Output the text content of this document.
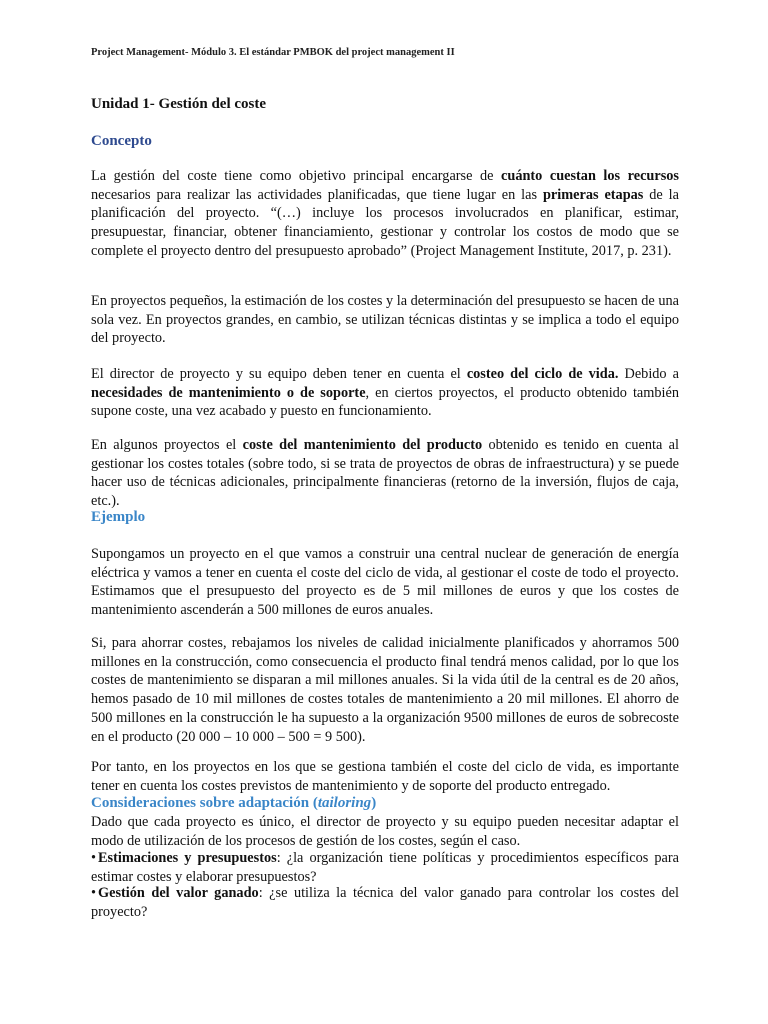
Project Management- Módulo 3. El estándar PMBOK del project management II
Unidad 1- Gestión del coste
Concepto

La gestión del coste tiene como objetivo principal encargarse de cuánto cuestan los recursos necesarios para realizar las actividades planificadas, que tiene lugar en las primeras etapas de la planificación del proyecto. “(…) incluye los procesos involucrados en planificar, estimar, presupuestar, financiar, obtener financiamiento, gestionar y controlar los costos de modo que se complete el proyecto dentro del presupuesto aprobado” (Project Management Institute, 2017, p. 231).

En proyectos pequeños, la estimación de los costes y la determinación del presupuesto se hacen de una sola vez. En proyectos grandes, en cambio, se utilizan técnicas distintas y se implica a todo el equipo del proyecto.

El director de proyecto y su equipo deben tener en cuenta el costeo del ciclo de vida. Debido a necesidades de mantenimiento o de soporte, en ciertos proyectos, el producto obtenido también supone coste, una vez acabado y puesto en funcionamiento.

En algunos proyectos el coste del mantenimiento del producto obtenido es tenido en cuenta al gestionar los costes totales (sobre todo, si se trata de proyectos de obras de infraestructura) y se puede hacer uso de técnicas adicionales, principalmente financieras (retorno de la inversión, flujos de caja, etc.).

Ejemplo

Supongamos un proyecto en el que vamos a construir una central nuclear de generación de energía eléctrica y vamos a tener en cuenta el coste del ciclo de vida, al gestionar el coste de todo el proyecto. Estimamos que el presupuesto del proyecto es de 5 mil millones de euros y que los costes de mantenimiento ascenderán a 500 millones de euros anuales.

Si, para ahorrar costes, rebajamos los niveles de calidad inicialmente planificados y ahorramos 500 millones en la construcción, como consecuencia el producto final tendrá menos calidad, por lo que los costes de mantenimiento se disparan a mil millones anuales. Si la vida útil de la central es de 20 años, hemos pasado de 10 mil millones de costes totales de mantenimiento a 20 mil millones. El ahorro de 500 millones en la construcción le ha supuesto a la organización 9500 millones de euros de sobrecoste en el producto (20 000 – 10 000 – 500 = 9 500).

Por tanto, en los proyectos en los que se gestiona también el coste del ciclo de vida, es importante tener en cuenta los costes previstos de mantenimiento y de soporte del producto entregado.

Consideraciones sobre adaptación (tailoring)

Dado que cada proyecto es único, el director de proyecto y su equipo pueden necesitar adaptar el modo de utilización de los procesos de gestión de los costes, según el caso.

• Estimaciones y presupuestos: ¿la organización tiene políticas y procedimientos específicos para estimar costes y elaborar presupuestos?

• Gestión del valor ganado: ¿se utiliza la técnica del valor ganado para controlar los costes del proyecto?
